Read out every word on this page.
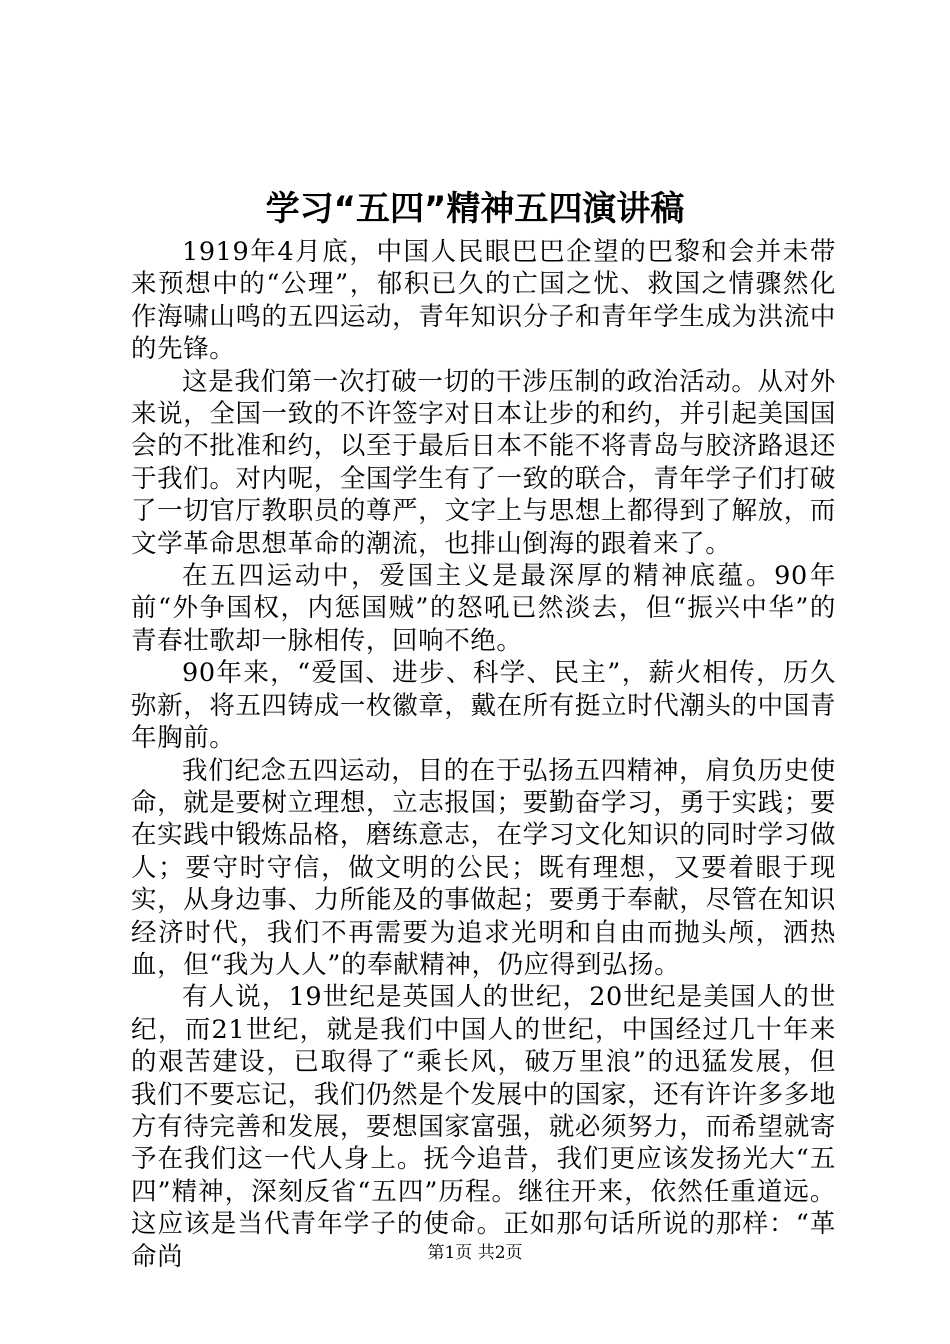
学习“五四”精神五四演讲稿

1919年4月底，中国人民眼巴巴企望的巴黎和会并未带来预想中的“公理”，郁积已久的亡国之忧、救国之情骤然化作海啸山鸣的五四运动，青年知识分子和青年学生成为洪流中的先锋。

这是我们第一次打破一切的干涉压制的政治活动。从对外来说，全国一致的不许签字对日本让步的和约，并引起美国国会的不批准和约，以至于最后日本不能不将青岛与胶济路退还于我们。对内呢，全国学生有了一致的联合，青年学子们打破了一切官厅教职员的尊严，文字上与思想上都得到了解放，而文学革命思想革命的潮流，也排山倒海的跟着来了。

在五四运动中，爱国主义是最深厚的精神底蕴。90年前“外争国权，内惩国贼”的怒吼已然淡去，但“振兴中华”的青春壮歌却一脉相传，回响不绝。

90年来，“爱国、进步、科学、民主”，薪火相传，历久弥新，将五四铸成一枚徽章，戴在所有挺立时代潮头的中国青年胸前。

我们纪念五四运动，目的在于弘扬五四精神，肩负历史使命，就是要树立理想，立志报国；要勤奋学习，勇于实践；要在实践中锻炼品格，磨练意志，在学习文化知识的同时学习做人；要守时守信，做文明的公民；既有理想，又要着眼于现实，从身边事、力所能及的事做起；要勇于奉献，尽管在知识经济时代，我们不再需要为追求光明和自由而抛头颅，洒热血，但“我为人人”的奉献精神，仍应得到弘扬。

有人说，19世纪是英国人的世纪，20世纪是美国人的世纪，而21世纪，就是我们中国人的世纪，中国经过几十年来的艰苦建设，已取得了“乘长风，破万里浪”的迅猛发展，但我们不要忘记，我们仍然是个发展中的国家，还有许许多多地方有待完善和发展，要想国家富强，就必须努力，而希望就寄予在我们这一代人身上。抚今追昔，我们更应该发扬光大“五四”精神，深刻反省“五四”历程。继往开来，依然任重道远。这应该是当代青年学子的使命。正如那句话所说的那样：“革命尚	第1页 共2页
